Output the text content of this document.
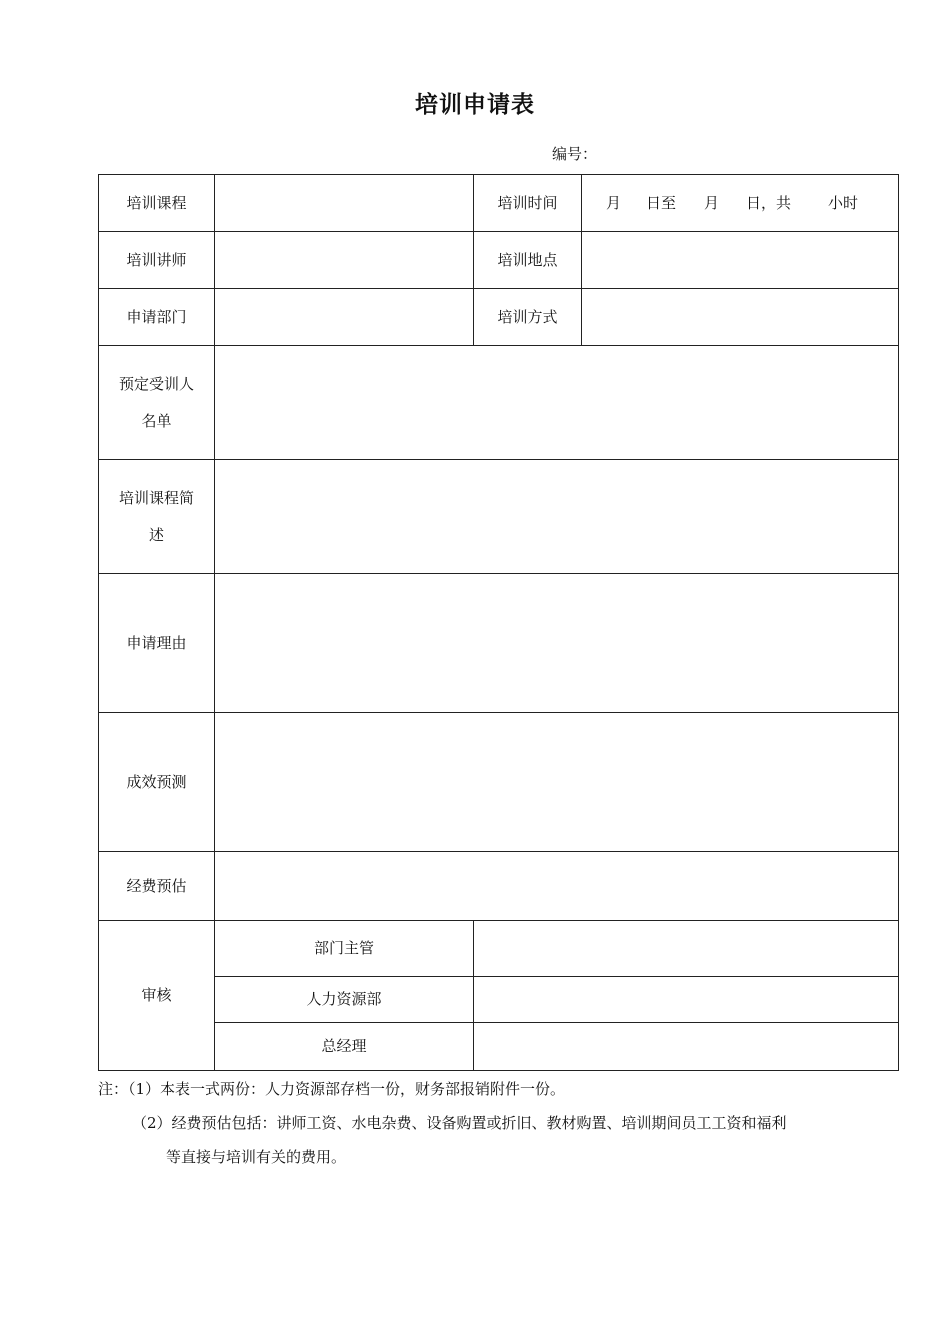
培训申请表
编号：
培训课程		培训时间	月 日至 月 日，共 小时
培训讲师		培训地点	
申请部门		培训方式	

预定受训人
名单			

培训课程简
述			

申请理由			
成效预测			
经费预估			
审核	部门主管		
	人力资源部		
	总经理		
注：（1）本表一式两份：人力资源部存档一份，财务部报销附件一份。
（2）经费预估包括：讲师工资、水电杂费、设备购置或折旧、教材购置、培训期间员工工资和福利
等直接与培训有关的费用。
